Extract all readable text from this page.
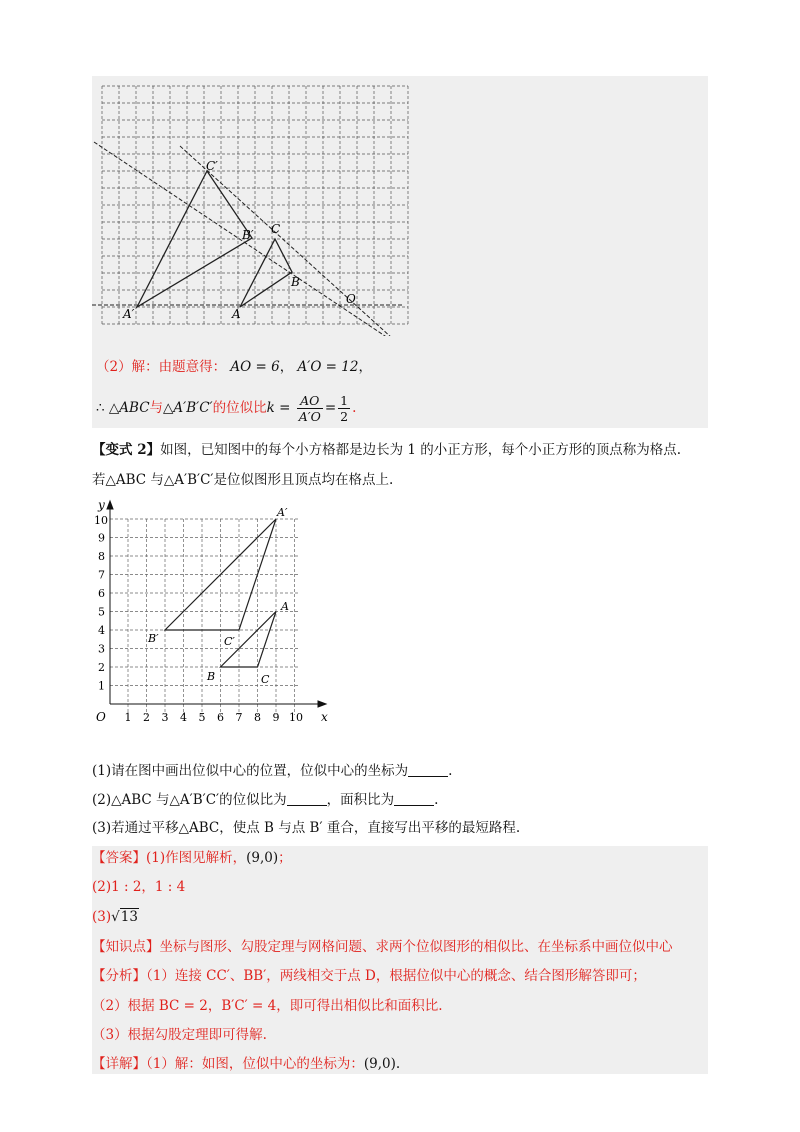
C′
B′
A′
C
B
A
O
（2）解：由题意得： AO = 6， A′O = 12，
∴ △ABC与△A′B′C′的位似比$k = \frac{AO}{A'O} = \frac{1}{2}$ .
【变式 2】如图，已知图中的每个小方格都是边长为 1 的小正方形，每个小正方形的顶点称为格点.
若△ABC 与△A′B′C′是位似图形且顶点均在格点上.
y
x
O 1 2 3 4 5 6 7 8 9 10
1
2
3
4
5
6
7
8
9
10
A′
B′	C′
A
B	C
(1)请在图中画出位似中心的位置，位似中心的坐标为	.
(2)△ABC 与△A′B′C′的位似比为	，面积比为	.
(3)若通过平移△ABC，使点 B 与点 B′ 重合，直接写出平移的最短路程.
【答案】(1)作图见解析，(9,0)；
(2)1 : 2，1 : 4
(3)√13
【知识点】坐标与图形、勾股定理与网格问题、求两个位似图形的相似比、在坐标系中画位似中心
【分析】（1）连接 CC′、BB′，两线相交于点 D，根据位似中心的概念、结合图形解答即可；
（2）根据 BC = 2，B′C′ = 4，即可得出相似比和面积比.
（3）根据勾股定理即可得解.
【详解】（1）解：如图，位似中心的坐标为：(9,0).
